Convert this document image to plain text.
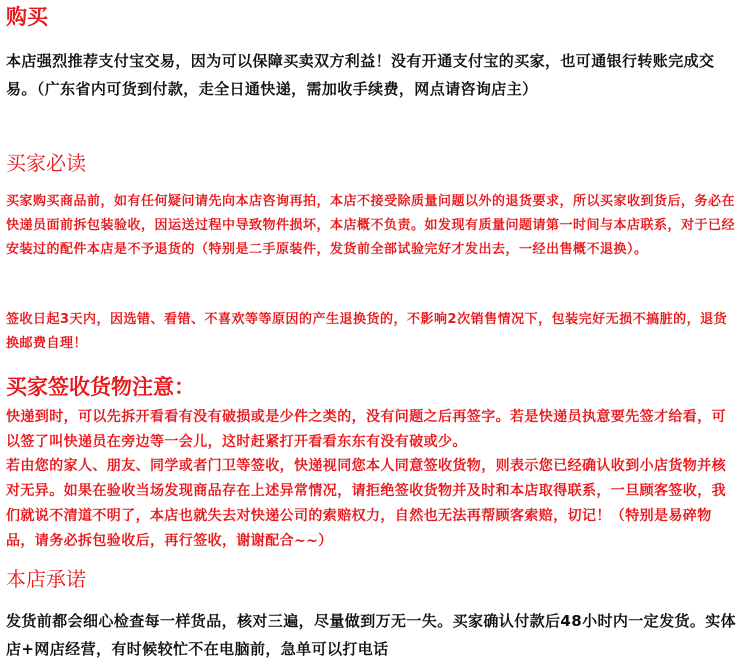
购买
本店强烈推荐支付宝交易，因为可以保障买卖双方利益！没有开通支付宝的买家，也可通银行转账完成交易。（广东省内可货到付款，走全日通快递，需加收手续费，网点请咨询店主）
买家必读
买家购买商品前，如有任何疑问请先向本店咨询再拍，本店不接受除质量问题以外的退货要求，所以买家收到货后，务必在快递员面前拆包装验收，因运送过程中导致物件损坏，本店概不负责。如发现有质量问题请第一时间与本店联系，对于已经安装过的配件本店是不予退货的（特别是二手原装件，发货前全部试验完好才发出去，一经出售概不退换）。
签收日起3天内，因选错、看错、不喜欢等等原因的产生退换货的，不影响2次销售情况下，包装完好无损不搞脏的，退货换邮费自理！
买家签收货物注意：
快递到时，可以先拆开看看有没有破损或是少件之类的，没有问题之后再签字。若是快递员执意要先签才给看，可以签了叫快递员在旁边等一会儿，这时赶紧打开看看东东有没有破或少。
若由您的家人、朋友、同学或者门卫等签收，快递视同您本人同意签收货物，则表示您已经确认收到小店货物并核对无异。如果在验收当场发现商品存在上述异常情况，请拒绝签收货物并及时和本店取得联系，一旦顾客签收，我们就说不清道不明了，本店也就失去对快递公司的索赔权力，自然也无法再帮顾客索赔，切记！（特别是易碎物品，请务必拆包验收后，再行签收，谢谢配合~~）
本店承诺
发货前都会细心检查每一样货品，核对三遍，尽量做到万无一失。买家确认付款后48小时内一定发货。实体店+网店经营，有时候较忙不在电脑前，急单可以打电话
